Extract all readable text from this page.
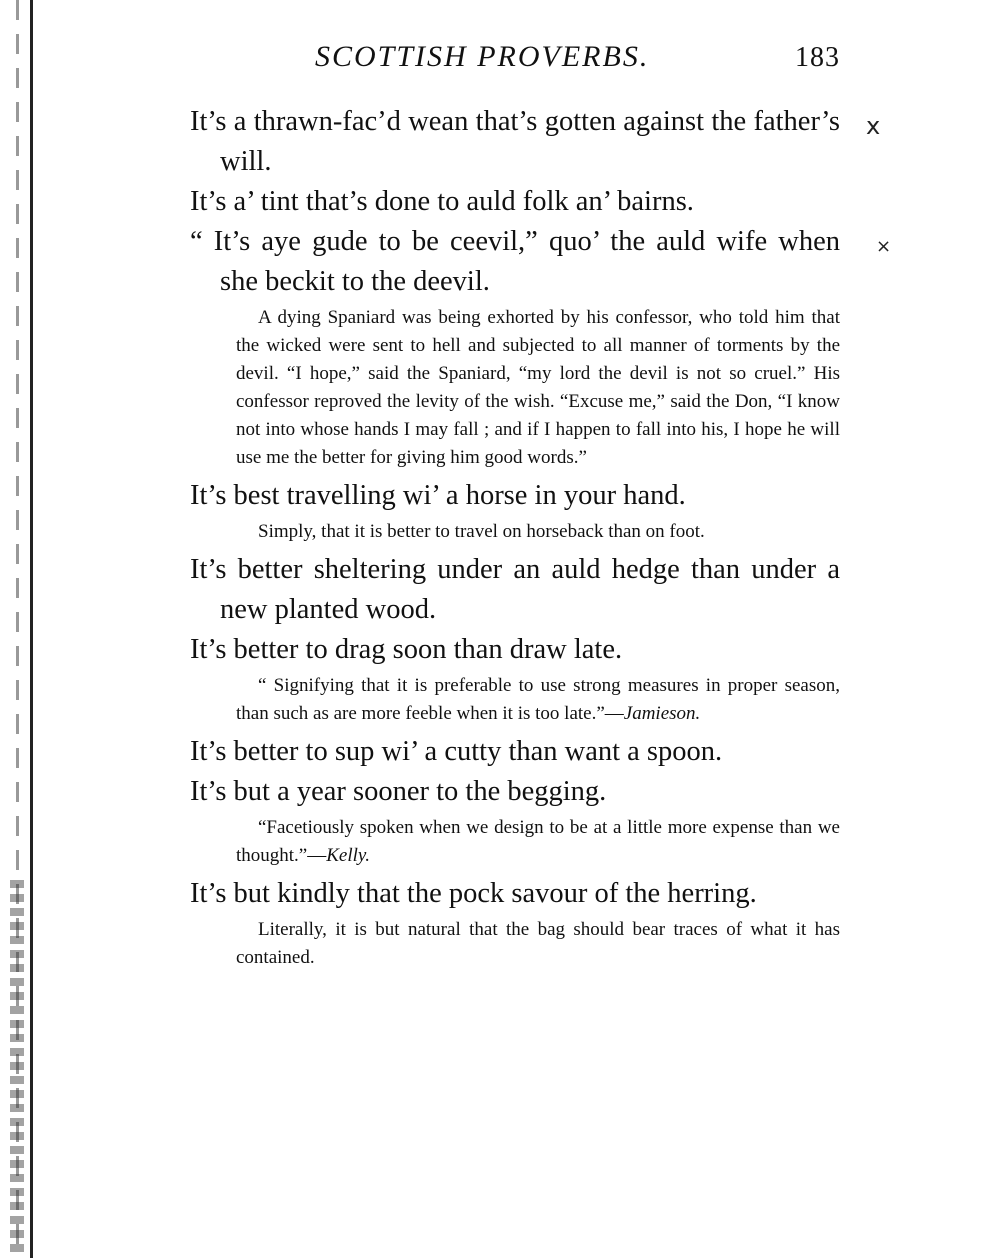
SCOTTISH PROVERBS.	183
x
×

It’s a thrawn-fac’d wean that’s gotten against the father’s will.

It’s a’ tint that’s done to auld folk an’ bairns.

“ It’s aye gude to be ceevil,” quo’ the auld wife when she beckit to the deevil.

A dying Spaniard was being exhorted by his confessor, who told him that the wicked were sent to hell and subjected to all manner of torments by the devil. “I hope,” said the Spaniard, “my lord the devil is not so cruel.” His confessor reproved the levity of the wish. “Excuse me,” said the Don, “I know not into whose hands I may fall ; and if I happen to fall into his, I hope he will use me the better for giving him good words.”

It’s best travelling wi’ a horse in your hand.

Simply, that it is better to travel on horseback than on foot.

It’s better sheltering under an auld hedge than under a new planted wood.

It’s better to drag soon than draw late.

“ Signifying that it is preferable to use strong measures in proper season, than such as are more feeble when it is too late.”—Jamieson.

It’s better to sup wi’ a cutty than want a spoon.

It’s but a year sooner to the begging.

“Facetiously spoken when we design to be at a little more expense than we thought.”—Kelly.

It’s but kindly that the pock savour of the herring.

Literally, it is but natural that the bag should bear traces of what it has contained.
